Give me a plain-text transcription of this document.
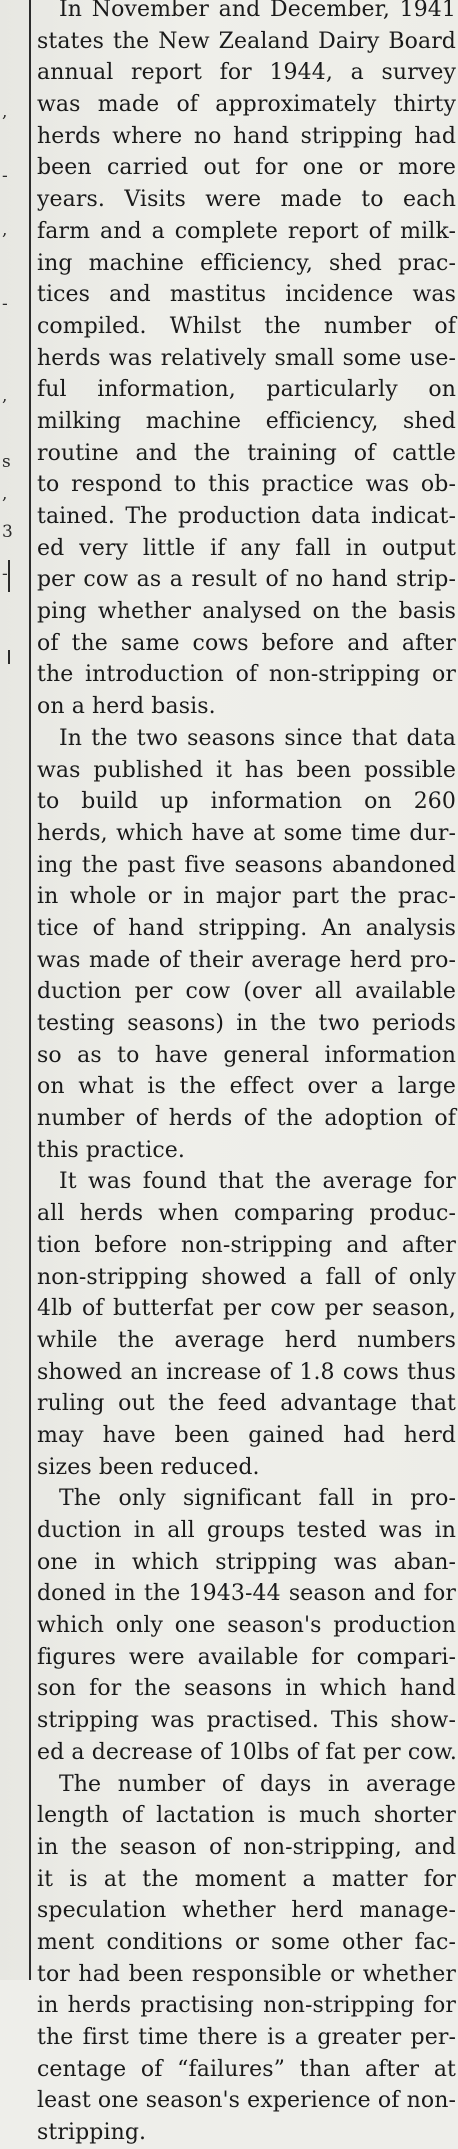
,
-
,
-
,
s
,
3
-
In November and December, 1941
states the New Zealand Dairy Board
annual report for 1944, a survey
was made of approximately thirty
herds where no hand stripping had
been carried out for one or more
years. Visits were made to each
farm and a complete report of milk-
ing machine efficiency, shed prac-
tices and mastitus incidence was
compiled. Whilst the number of
herds was relatively small some use-
ful information, particularly on
milking machine efficiency, shed
routine and the training of cattle
to respond to this practice was ob-
tained. The production data indicat-
ed very little if any fall in output
per cow as a result of no hand strip-
ping whether analysed on the basis
of the same cows before and after
the introduction of non-stripping or
on a herd basis.
In the two seasons since that data
was published it has been possible
to build up information on 260
herds, which have at some time dur-
ing the past five seasons abandoned
in whole or in major part the prac-
tice of hand stripping. An analysis
was made of their average herd pro-
duction per cow (over all available
testing seasons) in the two periods
so as to have general information
on what is the effect over a large
number of herds of the adoption of
this practice.
It was found that the average for
all herds when comparing produc-
tion before non-stripping and after
non-stripping showed a fall of only
4lb of butterfat per cow per season,
while the average herd numbers
showed an increase of 1.8 cows thus
ruling out the feed advantage that
may have been gained had herd
sizes been reduced.
The only significant fall in pro-
duction in all groups tested was in
one in which stripping was aban-
doned in the 1943-44 season and for
which only one season's production
figures were available for compari-
son for the seasons in which hand
stripping was practised. This show-
ed a decrease of 10lbs of fat per cow.
The number of days in average
length of lactation is much shorter
in the season of non-stripping, and
it is at the moment a matter for
speculation whether herd manage-
ment conditions or some other fac-
tor had been responsible or whether
in herds practising non-stripping for
the first time there is a greater per-
centage of “failures” than after at
least one season's experience of non-
stripping.
